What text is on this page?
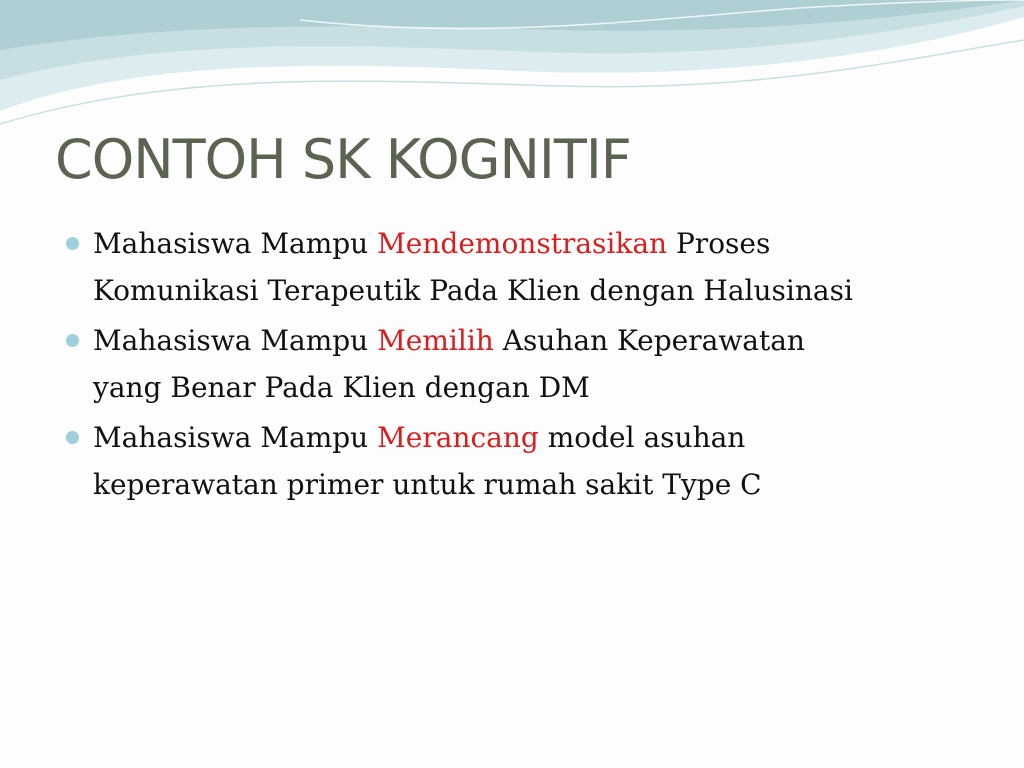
CONTOH SK KOGNITIF
Mahasiswa Mampu Mendemonstrasikan Proses
Komunikasi Terapeutik Pada Klien dengan Halusinasi
Mahasiswa Mampu Memilih Asuhan Keperawatan
yang Benar Pada Klien dengan DM
Mahasiswa Mampu Merancang model asuhan
keperawatan primer untuk rumah sakit Type C
